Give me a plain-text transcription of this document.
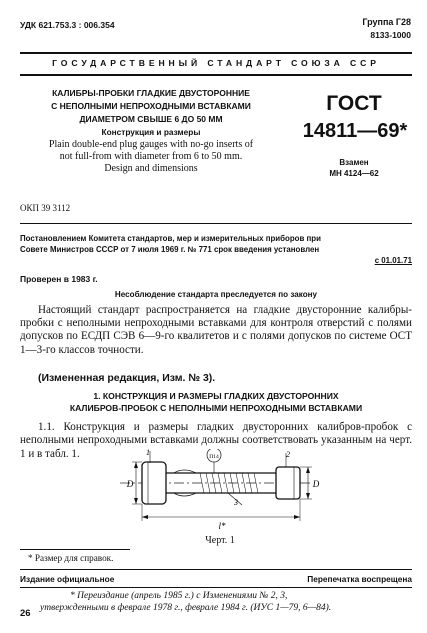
УДК 621.753.3 : 006.354	Группа Г28
8133-1000
ГОСУДАРСТВЕННЫЙ СТАНДАРТ СОЮЗА ССР
КАЛИБРЫ-ПРОБКИ ГЛАДКИЕ ДВУСТОРОННИЕ
С НЕПОЛНЫМИ НЕПРОХОДНЫМИ ВСТАВКАМИ
ДИАМЕТРОМ СВЫШЕ 6 ДО 50 ММ
Конструкция и размеры
Plain double-end plug gauges with no-go inserts of
not full-from with diameter from 6 to 50 mm.
Design and dimensions
ОКП 39 3112
ГОСТ
14811—69*
Взамен
МН 4124—62
Постановлением Комитета стандартов, мер и измерительных приборов при
Совете Министров СССР от 7 июля 1969 г. № 771 срок введения установлен
с 01.01.71
Проверен в 1983 г.
Несоблюдение стандарта преследуется по закону
Настоящий стандарт распространяется на гладкие двусторонние калибры-пробки с неполными непроходными вставками для контроля отверстий с полями допусков по ЕСДП СЭВ 6—9-го квалитетов и с полями допусков по системе ОСТ 1—3-го классов точности.
(Измененная редакция, Изм. № 3).
1. КОНСТРУКЦИЯ И РАЗМЕРЫ ГЛАДКИХ ДВУСТОРОННИХ
КАЛИБРОВ-ПРОБОК С НЕПОЛНЫМИ НЕПРОХОДНЫМИ ВСТАВКАМИ
1.1. Конструкция и размеры гладких двусторонних калибров-пробок с неполными непроходными вставками должны соответствовать указанным на черт. 1 и в табл. 1.
D	D
l*
1	2
3
П14
Черт. 1
* Размер для справок.
Издание официальное	Перепечатка воспрещена
* Переиздание (апрель 1985 г.) с Изменениями № 2, 3,
утвержденными в феврале 1978 г., феврале 1984 г. (ИУС 1—79, 6—84).
26
